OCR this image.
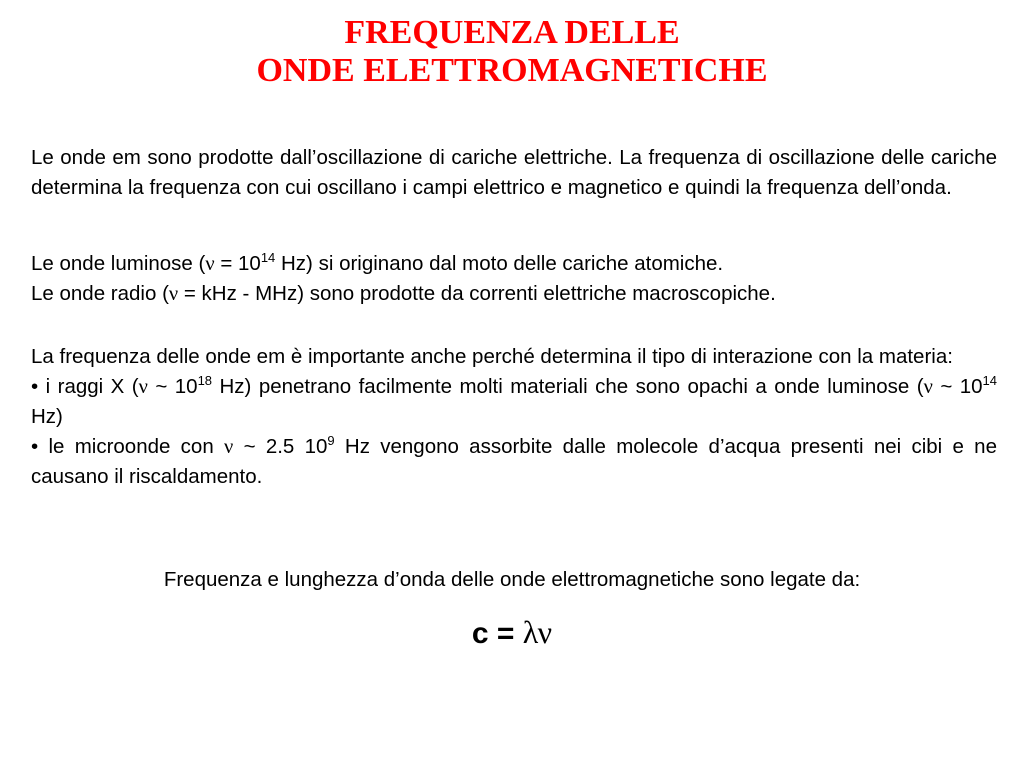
FREQUENZA DELLE
ONDE ELETTROMAGNETICHE
Le onde em sono prodotte dall’oscillazione di cariche elettriche. La frequenza di oscillazione delle cariche determina la frequenza con cui oscillano i campi elettrico e magnetico e quindi la frequenza dell’onda.
Le onde luminose ($\nu = 10^{14}$ Hz) si originano dal moto delle cariche atomiche.
Le onde radio (ν = kHz - MHz) sono prodotte da correnti elettriche macroscopiche.
La frequenza delle onde em è importante anche perché determina il tipo di interazione con la materia:
• i raggi X (ν ~ $10^{18}$ Hz) penetrano facilmente molti materiali che sono opachi a onde luminose (ν ~ $10^{14}$ Hz)
• le microonde con ν ~ 2.5 $10^9$ Hz vengono assorbite dalle molecole d’acqua presenti nei cibi e ne causano il riscaldamento.
Frequenza e lunghezza d’onda delle onde elettromagnetiche sono legate da:
c = λν
